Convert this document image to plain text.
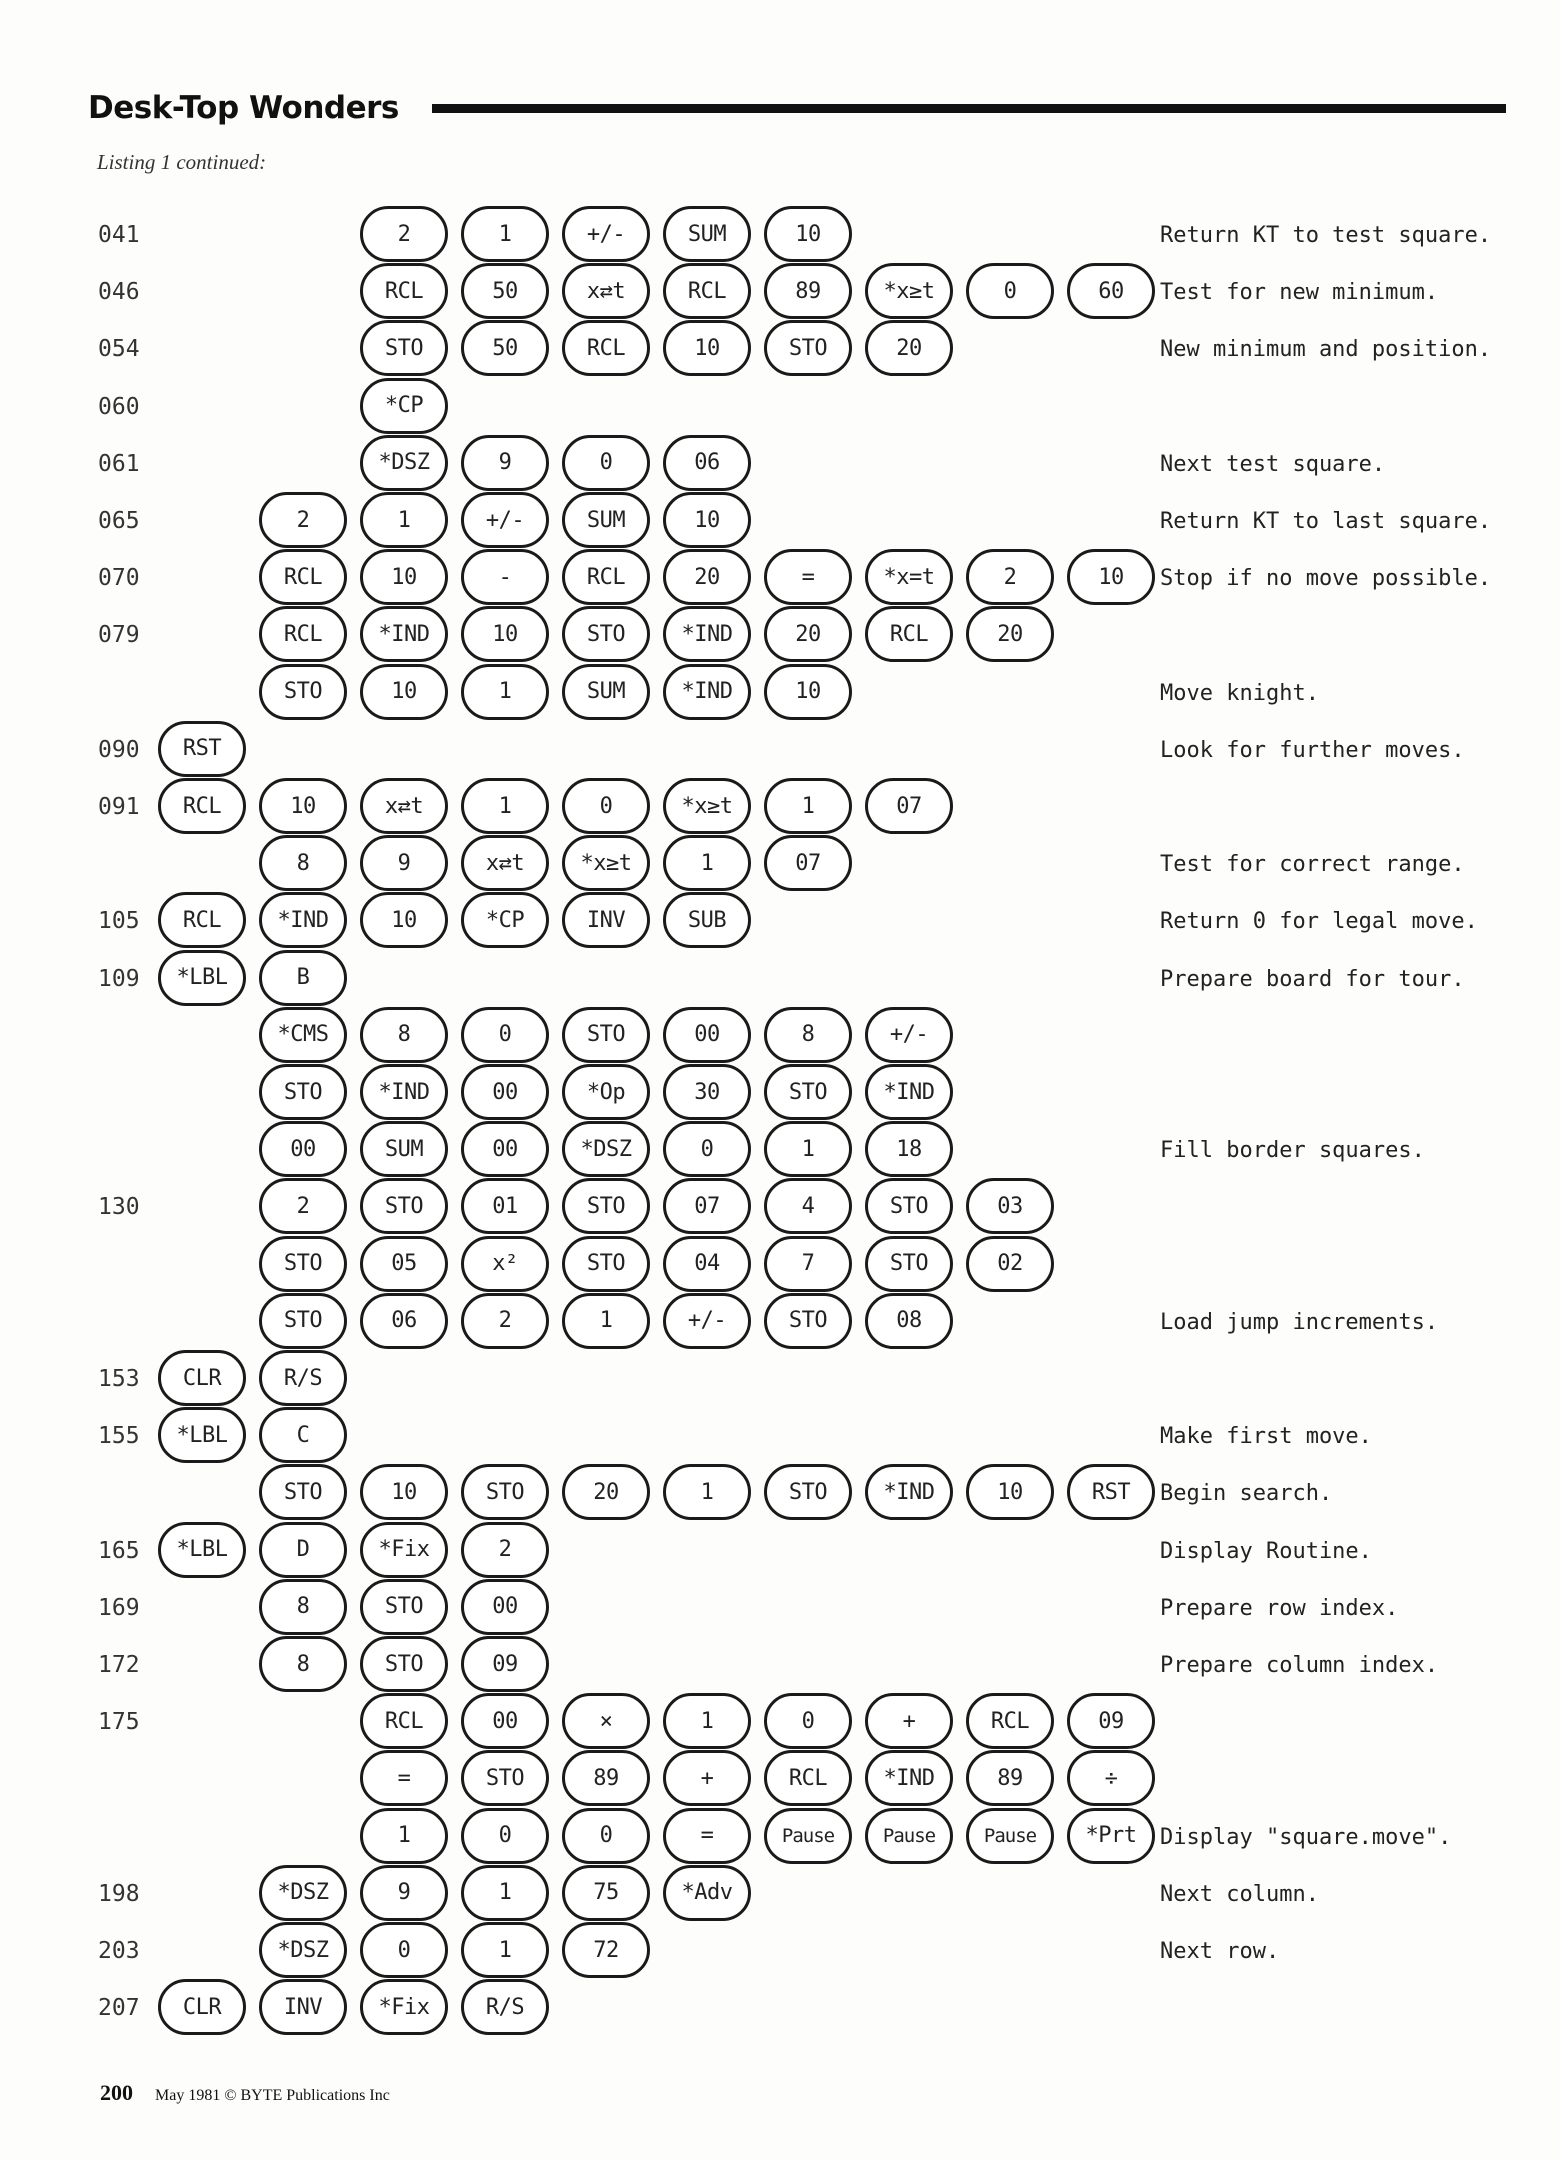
Desk-Top Wonders
Listing 1 continued:
041	2	1	+/-	SUM	10	Return KT to test square.
046	RCL	50	x⇄t	RCL	89	*x≥t	0	60	Test for new minimum.
054	STO	50	RCL	10	STO	20	New minimum and position.
060	*CP
061	*DSZ	9	0	06	Next test square.
065	2	1	+/-	SUM	10	Return KT to last square.
070	RCL	10	-	RCL	20	=	*x=t	2	10	Stop if no move possible.
079	RCL	*IND	10	STO	*IND	20	RCL	20
STO	10	1	SUM	*IND	10	Move knight.
090	RST	Look for further moves.
091	RCL	10	x⇄t	1	0	*x≥t	1	07
8	9	x⇄t	*x≥t	1	07	Test for correct range.
105	RCL	*IND	10	*CP	INV	SUB	Return 0 for legal move.
109	*LBL	B	Prepare board for tour.
*CMS	8	0	STO	00	8	+/-
STO	*IND	00	*Op	30	STO	*IND
00	SUM	00	*DSZ	0	1	18	Fill border squares.
130	2	STO	01	STO	07	4	STO	03
STO	05	x²	STO	04	7	STO	02
STO	06	2	1	+/-	STO	08	Load jump increments.
153	CLR	R/S
155	*LBL	C	Make first move.
STO	10	STO	20	1	STO	*IND	10	RST	Begin search.
165	*LBL	D	*Fix	2	Display Routine.
169	8	STO	00	Prepare row index.
172	8	STO	09	Prepare column index.
175	RCL	00	×	1	0	+	RCL	09
=	STO	89	+	RCL	*IND	89	÷
1	0	0	=	Pause	Pause	Pause	*Prt	Display "square.move".
198	*DSZ	9	1	75	*Adv	Next column.
203	*DSZ	0	1	72	Next row.
207	CLR	INV	*Fix	R/S
200 May 1981 © BYTE Publications Inc
